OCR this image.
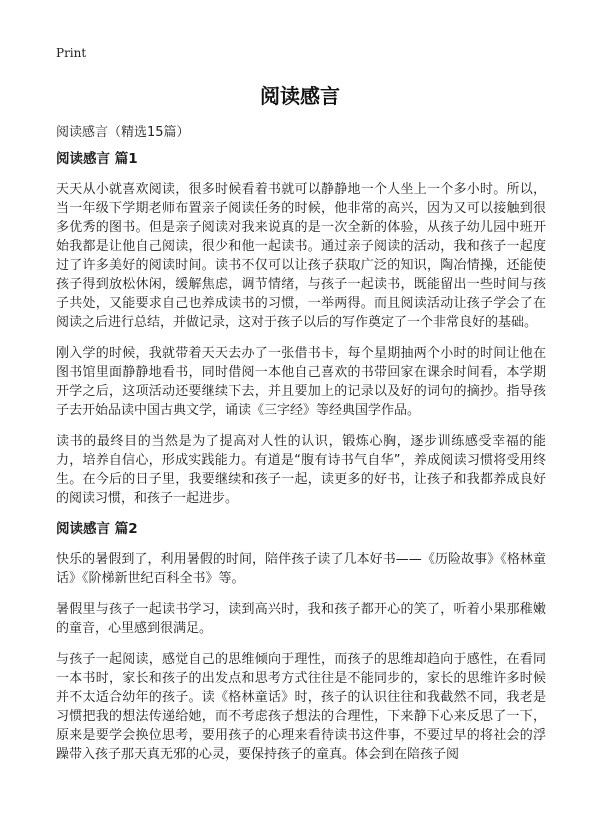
Print
阅读感言
阅读感言（精选15篇）
阅读感言 篇1

天天从小就喜欢阅读，很多时候看着书就可以静静地一个人坐上一个多小时。所以，当一年级下学期老师布置亲子阅读任务的时候，他非常的高兴，因为又可以接触到很多优秀的图书。但是亲子阅读对我来说真的是一次全新的体验，从孩子幼儿园中班开始我都是让他自己阅读，很少和他一起读书。通过亲子阅读的活动，我和孩子一起度过了许多美好的阅读时间。读书不仅可以让孩子获取广泛的知识，陶冶情操，还能使孩子得到放松休闲，缓解焦虑，调节情绪，与孩子一起读书，既能留出一些时间与孩子共处，又能要求自己也养成读书的习惯，一举两得。而且阅读活动让孩子学会了在阅读之后进行总结，并做记录，这对于孩子以后的写作奠定了一个非常良好的基础。

刚入学的时候，我就带着天天去办了一张借书卡，每个星期抽两个小时的时间让他在图书馆里面静静地看书，同时借阅一本他自己喜欢的书带回家在课余时间看，本学期开学之后，这项活动还要继续下去，并且要加上的记录以及好的词句的摘抄。指导孩子去开始品读中国古典文学，诵读《三字经》等经典国学作品。

读书的最终目的当然是为了提高对人性的认识，锻炼心胸，逐步训练感受幸福的能力，培养自信心，形成实践能力。有道是“腹有诗书气自华”，养成阅读习惯将受用终生。在今后的日子里，我要继续和孩子一起，读更多的好书，让孩子和我都养成良好的阅读习惯，和孩子一起进步。

阅读感言 篇2

快乐的暑假到了，利用暑假的时间，陪伴孩子读了几本好书——《历险故事》《格林童话》《阶梯新世纪百科全书》等。

暑假里与孩子一起读书学习，读到高兴时，我和孩子都开心的笑了，听着小果那稚嫩的童音，心里感到很满足。

与孩子一起阅读，感觉自己的思维倾向于理性，而孩子的思维却趋向于感性，在看同一本书时，家长和孩子的出发点和思考方式往往是不能同步的，家长的思维许多时候并不太适合幼年的孩子。读《格林童话》时，孩子的认识往往和我截然不同，我老是习惯把我的想法传递给她，而不考虑孩子想法的合理性，下来静下心来反思了一下，原来是要学会换位思考，要用孩子的心理来看待读书这件事，不要过早的将社会的浮躁带入孩子那天真无邪的心灵，要保持孩子的童真。体会到在陪孩子阅
